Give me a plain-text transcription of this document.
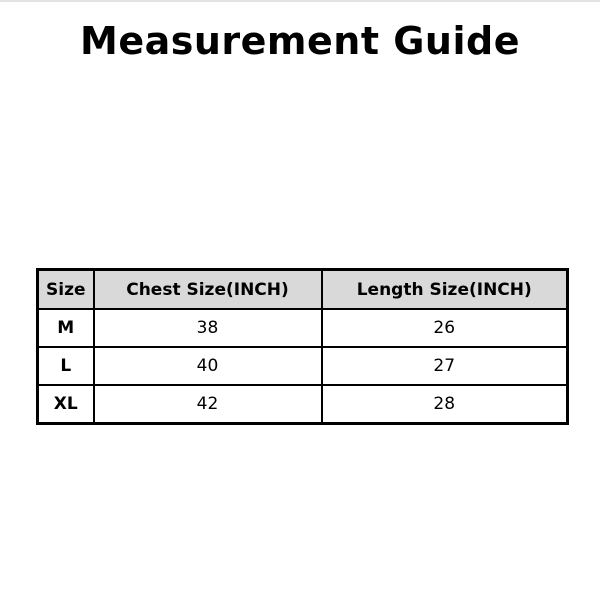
Measurement Guide
Size	Chest Size(INCH)	Length Size(INCH)
M	38	26
L	40	27
XL	42	28
